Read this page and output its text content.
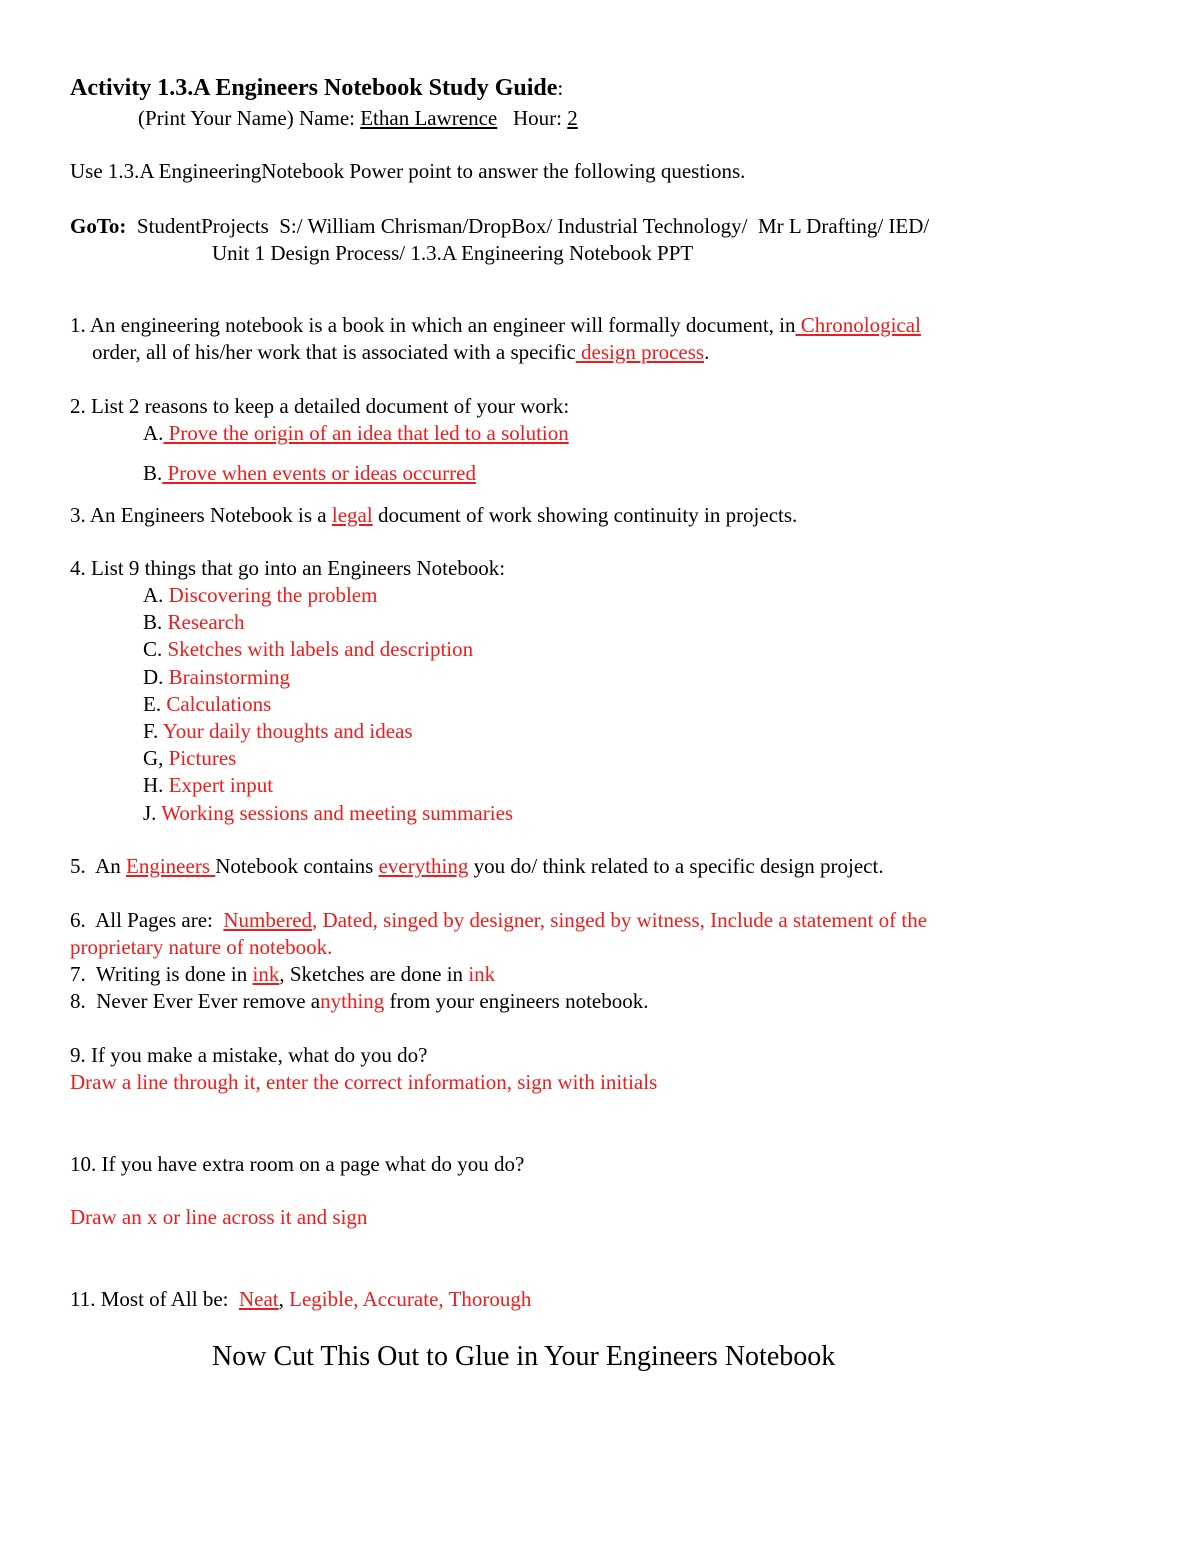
Activity 1.3.A Engineers Notebook Study Guide:
(Print Your Name) Name: Ethan Lawrence   Hour: 2
Use 1.3.A EngineeringNotebook Power point to answer the following questions.
GoTo:  StudentProjects  S:/ William Chrisman/DropBox/ Industrial Technology/  Mr L Drafting/ IED/
Unit 1 Design Process/ 1.3.A Engineering Notebook PPT
1. An engineering notebook is a book in which an engineer will formally document, in Chronological
order, all of his/her work that is associated with a specific design process.
2. List 2 reasons to keep a detailed document of your work:
A. Prove the origin of an idea that led to a solution
B. Prove when events or ideas occurred
3. An Engineers Notebook is a legal document of work showing continuity in projects.
4. List 9 things that go into an Engineers Notebook:
A. Discovering the problem
B. Research
C. Sketches with labels and description
D. Brainstorming
E. Calculations
F. Your daily thoughts and ideas
G, Pictures
H. Expert input
J. Working sessions and meeting summaries
5.  An Engineers Notebook contains everything you do/ think related to a specific design project.
6.  All Pages are:  Numbered, Dated, singed by designer, singed by witness, Include a statement of the
proprietary nature of notebook.
7.  Writing is done in ink, Sketches are done in ink
8.  Never Ever Ever remove anything from your engineers notebook.
9. If you make a mistake, what do you do?
Draw a line through it, enter the correct information, sign with initials
10. If you have extra room on a page what do you do?
Draw an x or line across it and sign
11. Most of All be:  Neat, Legible, Accurate, Thorough
Now Cut This Out to Glue in Your Engineers Notebook
